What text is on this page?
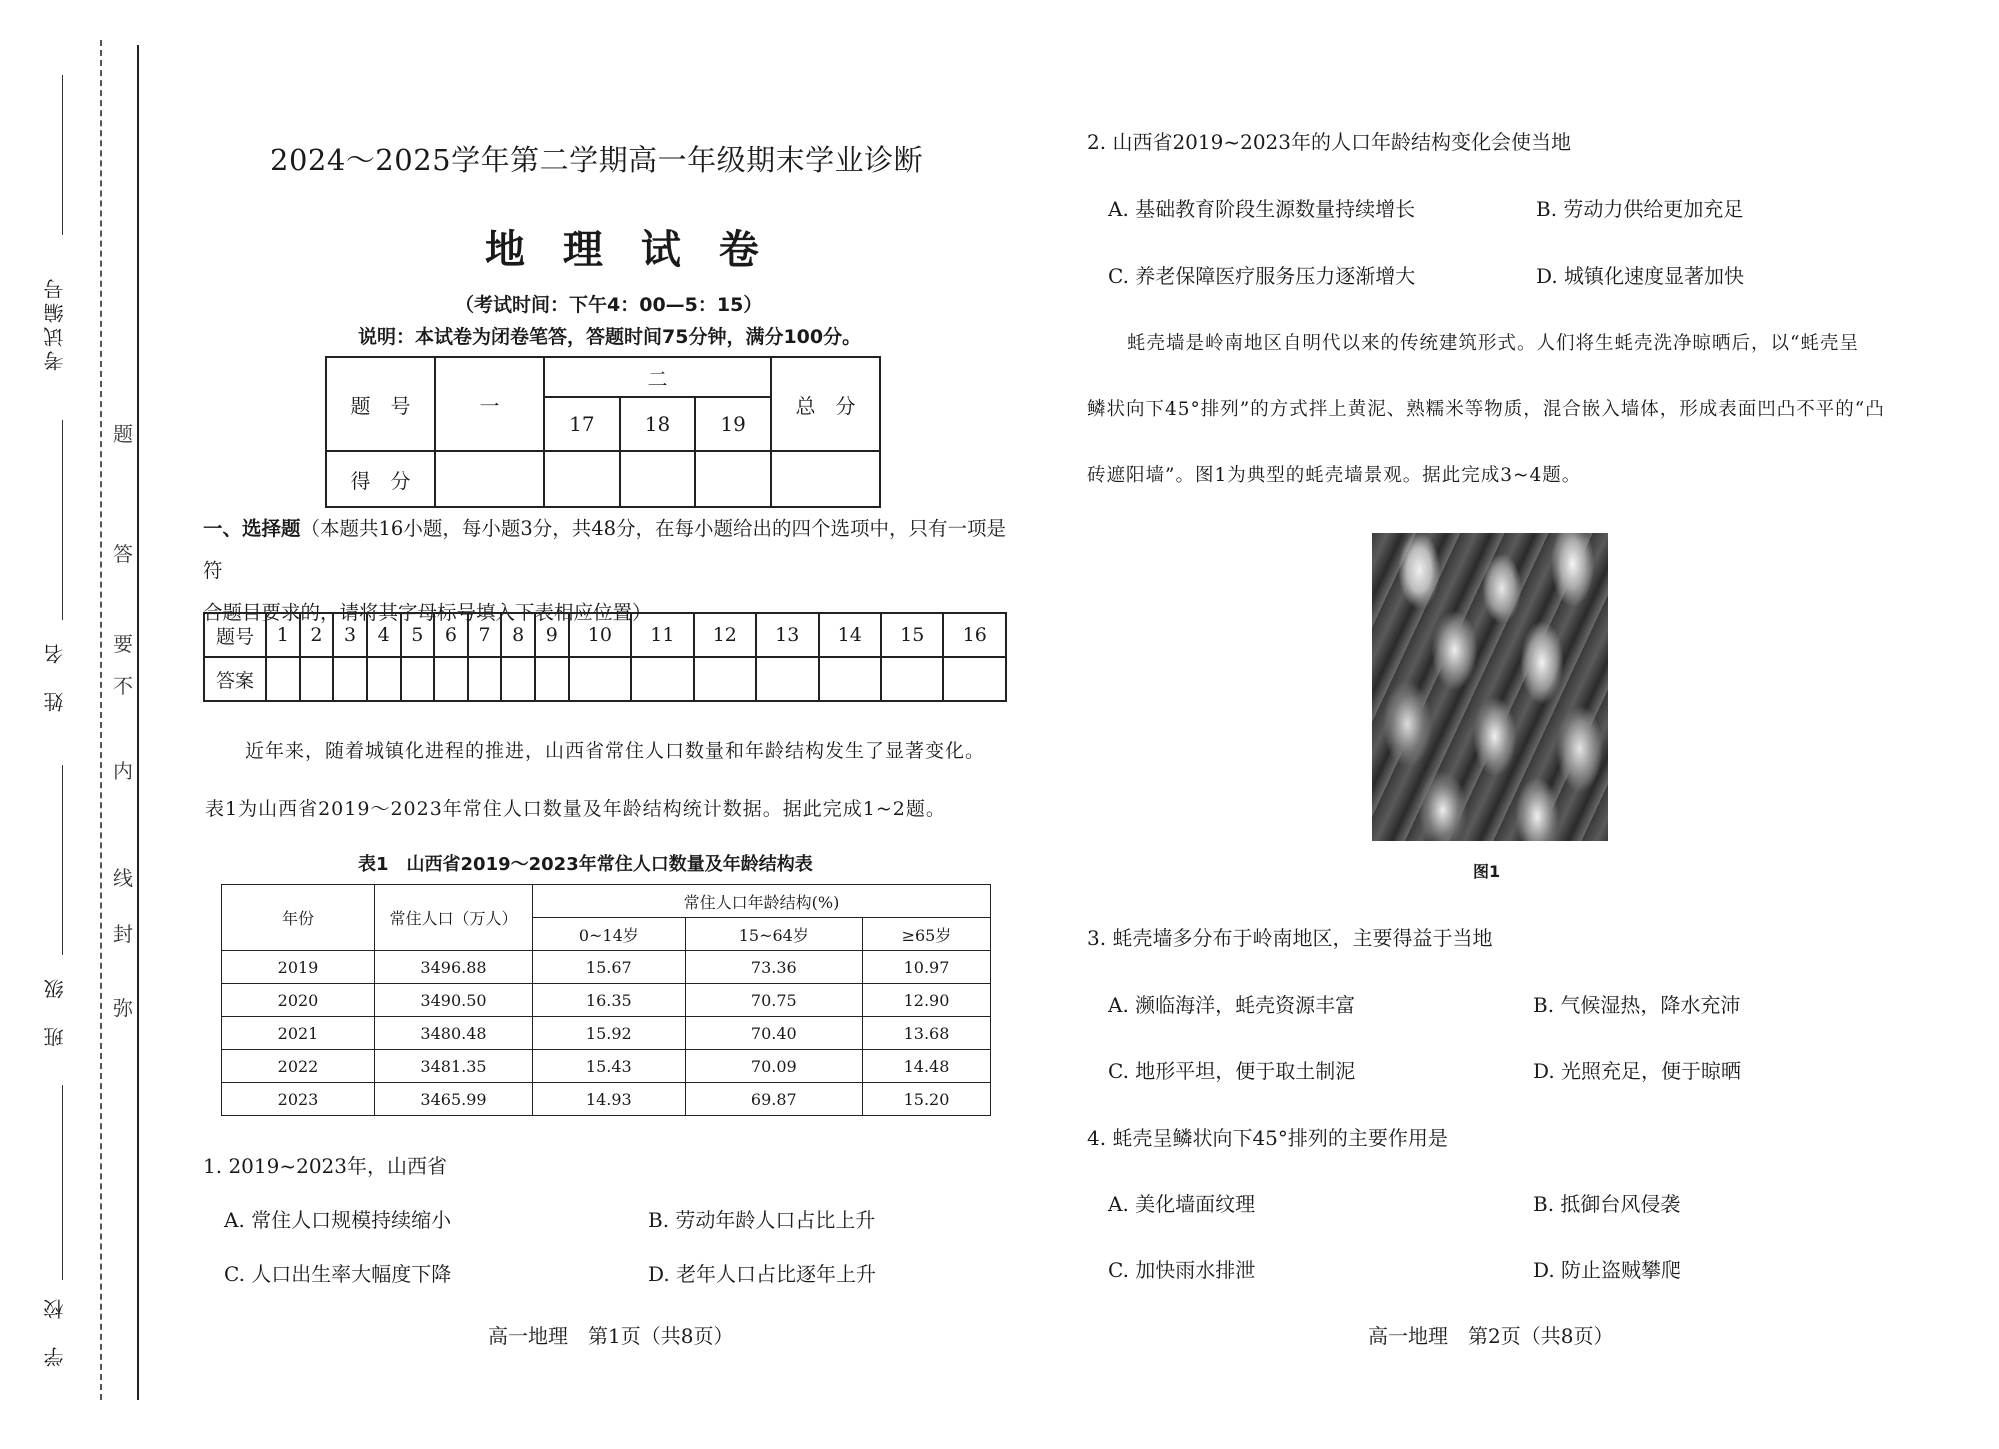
考试编号
姓　名
班　级
学　校
题
答
要
不
内
线
封
弥
2024～2025学年第二学期高一年级期末学业诊断
地 理 试 卷
（考试时间：下午4：00—5：15）
说明：本试卷为闭卷笔答，答题时间75分钟，满分100分。
题　号	一	二			总　分
		17	18	19	
得　分					
一、选择题（本题共16小题，每小题3分，共48分，在每小题给出的四个选项中，只有一项是符
合题目要求的，请将其字母标号填入下表相应位置）
题号	1	2	3	4	5	6	7	8	9	10	11	12	13	14	15	16
答案																
近年来，随着城镇化进程的推进，山西省常住人口数量和年龄结构发生了显著变化。
表1为山西省2019～2023年常住人口数量及年龄结构统计数据。据此完成1~2题。
表1　山西省2019～2023年常住人口数量及年龄结构表
年份	常住人口（万人）	常住人口年龄结构(%)		
		0~14岁	15~64岁	≥65岁
2019	3496.88	15.67	73.36	10.97
2020	3490.50	16.35	70.75	12.90
2021	3480.48	15.92	70.40	13.68
2022	3481.35	15.43	70.09	14.48
2023	3465.99	14.93	69.87	15.20
1. 2019~2023年，山西省
A. 常住人口规模持续缩小	B. 劳动年龄人口占比上升
C. 人口出生率大幅度下降	D. 老年人口占比逐年上升
高一地理　第1页（共8页）
2. 山西省2019~2023年的人口年龄结构变化会使当地
A. 基础教育阶段生源数量持续增长	B. 劳动力供给更加充足
C. 养老保障医疗服务压力逐渐增大	D. 城镇化速度显著加快
蚝壳墙是岭南地区自明代以来的传统建筑形式。人们将生蚝壳洗净晾晒后，以“蚝壳呈
鳞状向下45°排列”的方式拌上黄泥、熟糯米等物质，混合嵌入墙体，形成表面凹凸不平的“凸
砖遮阳墙”。图1为典型的蚝壳墙景观。据此完成3~4题。
图1
3. 蚝壳墙多分布于岭南地区，主要得益于当地
A. 濒临海洋，蚝壳资源丰富	B. 气候湿热，降水充沛
C. 地形平坦，便于取土制泥	D. 光照充足，便于晾晒
4. 蚝壳呈鳞状向下45°排列的主要作用是
A. 美化墙面纹理	B. 抵御台风侵袭
C. 加快雨水排泄	D. 防止盗贼攀爬
高一地理　第2页（共8页）
